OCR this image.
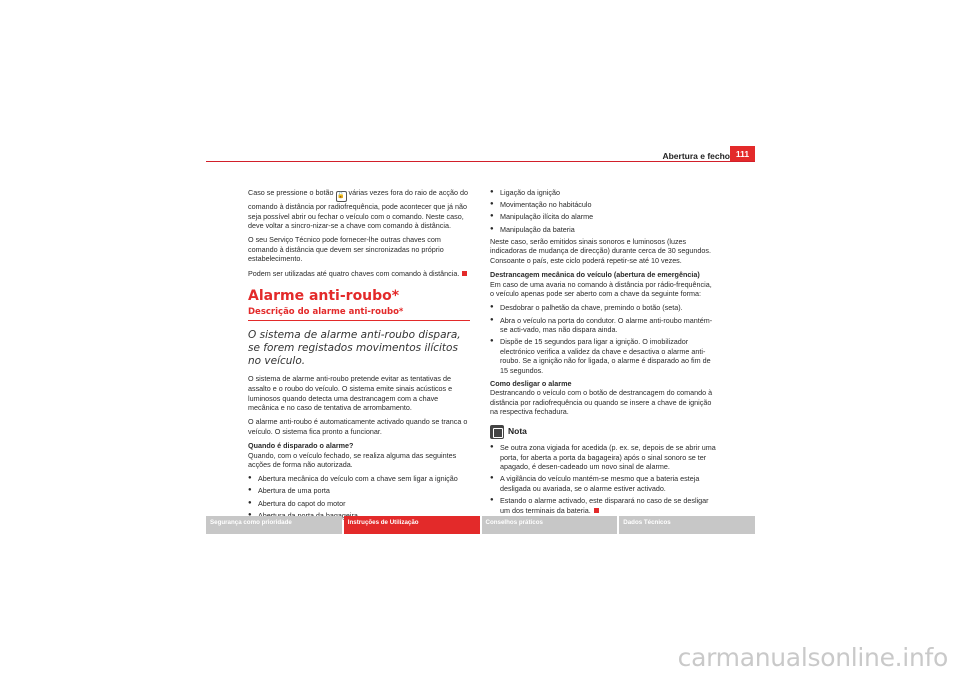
Abertura e fecho 111

Caso se pressione o botão 🔓 várias vezes fora do raio de acção do comando à distância por radiofrequência, pode acontecer que já não seja possível abrir ou fechar o veículo com o comando. Neste caso, deve voltar a sincro-nizar-se a chave com comando à distância.

O seu Serviço Técnico pode fornecer-lhe outras chaves com comando à distância que devem ser sincronizadas no próprio estabelecimento.

Podem ser utilizadas até quatro chaves com comando à distância.

Alarme anti-roubo*
Descrição do alarme anti-roubo*
O sistema de alarme anti-roubo dispara, se forem registados movimentos ilícitos no veículo.

O sistema de alarme anti-roubo pretende evitar as tentativas de assalto e o roubo do veículo. O sistema emite sinais acústicos e luminosos quando detecta uma destrancagem com a chave mecânica e no caso de tentativa de arrombamento.

O alarme anti-roubo é automaticamente activado quando se tranca o veículo. O sistema fica pronto a funcionar.

Quando é disparado o alarme?

Quando, com o veículo fechado, se realiza alguma das seguintes acções de forma não autorizada.

● Abertura mecânica do veículo com a chave sem ligar a ignição
● Abertura de uma porta
● Abertura do capot do motor
● bagageira
● Ligação da ignição
● Movimentação no habitáculo
● Manipulação ilícita do alarme
● Manipulação da bateria

Neste caso, serão emitidos sinais sonoros e luminosos (luzes indicadoras de mudança de direcção) durante cerca de 30 segundos. Consoante o país, este ciclo poderá repetir-se até 10 vezes.

Destrancagem mecânica do veículo (abertura de emergência)

Em caso de uma avaria no comando à distância por rádio-frequência, o veículo apenas pode ser aberto com a chave da seguinte forma:

● Desdobrar o palhetão da chave, premindo o botão (seta).
● Abra o veículo na porta do condutor. O alarme anti-roubo mantém-se acti-vado, mas não dispara ainda.
● Dispõe de 15 segundos para ligar a ignição. O imobilizador electrónico verifica a validez da chave e desactiva o alarme anti-roubo. Se a ignição não for ligada, o alarme é disparado ao fim de 15 segundos.

Como desligar o alarme

Destrancando o veículo com o botão de destrancagem do comando à distância por radiofrequência ou quando se insere a chave de ignição na respectiva fechadura.

Nota
● Se outra zona vigiada for acedida (p. ex. se, depois de se abrir uma porta, for aberta a porta da bagageira) após o sinal sonoro se ter apagado, é desen-cadeado um novo sinal de alarme.
● A vigilância do veículo mantém-se mesmo que a bateria esteja desligada ou avariada, se o alarme estiver activado.
● Estando o alarme activado, este disparará no caso de se desligar um dos terminais da bateria.
Segurança como prioridade	Instruções de Utilização	Conselhos práticos	Dados Técnicos
carmanualsonline.info
